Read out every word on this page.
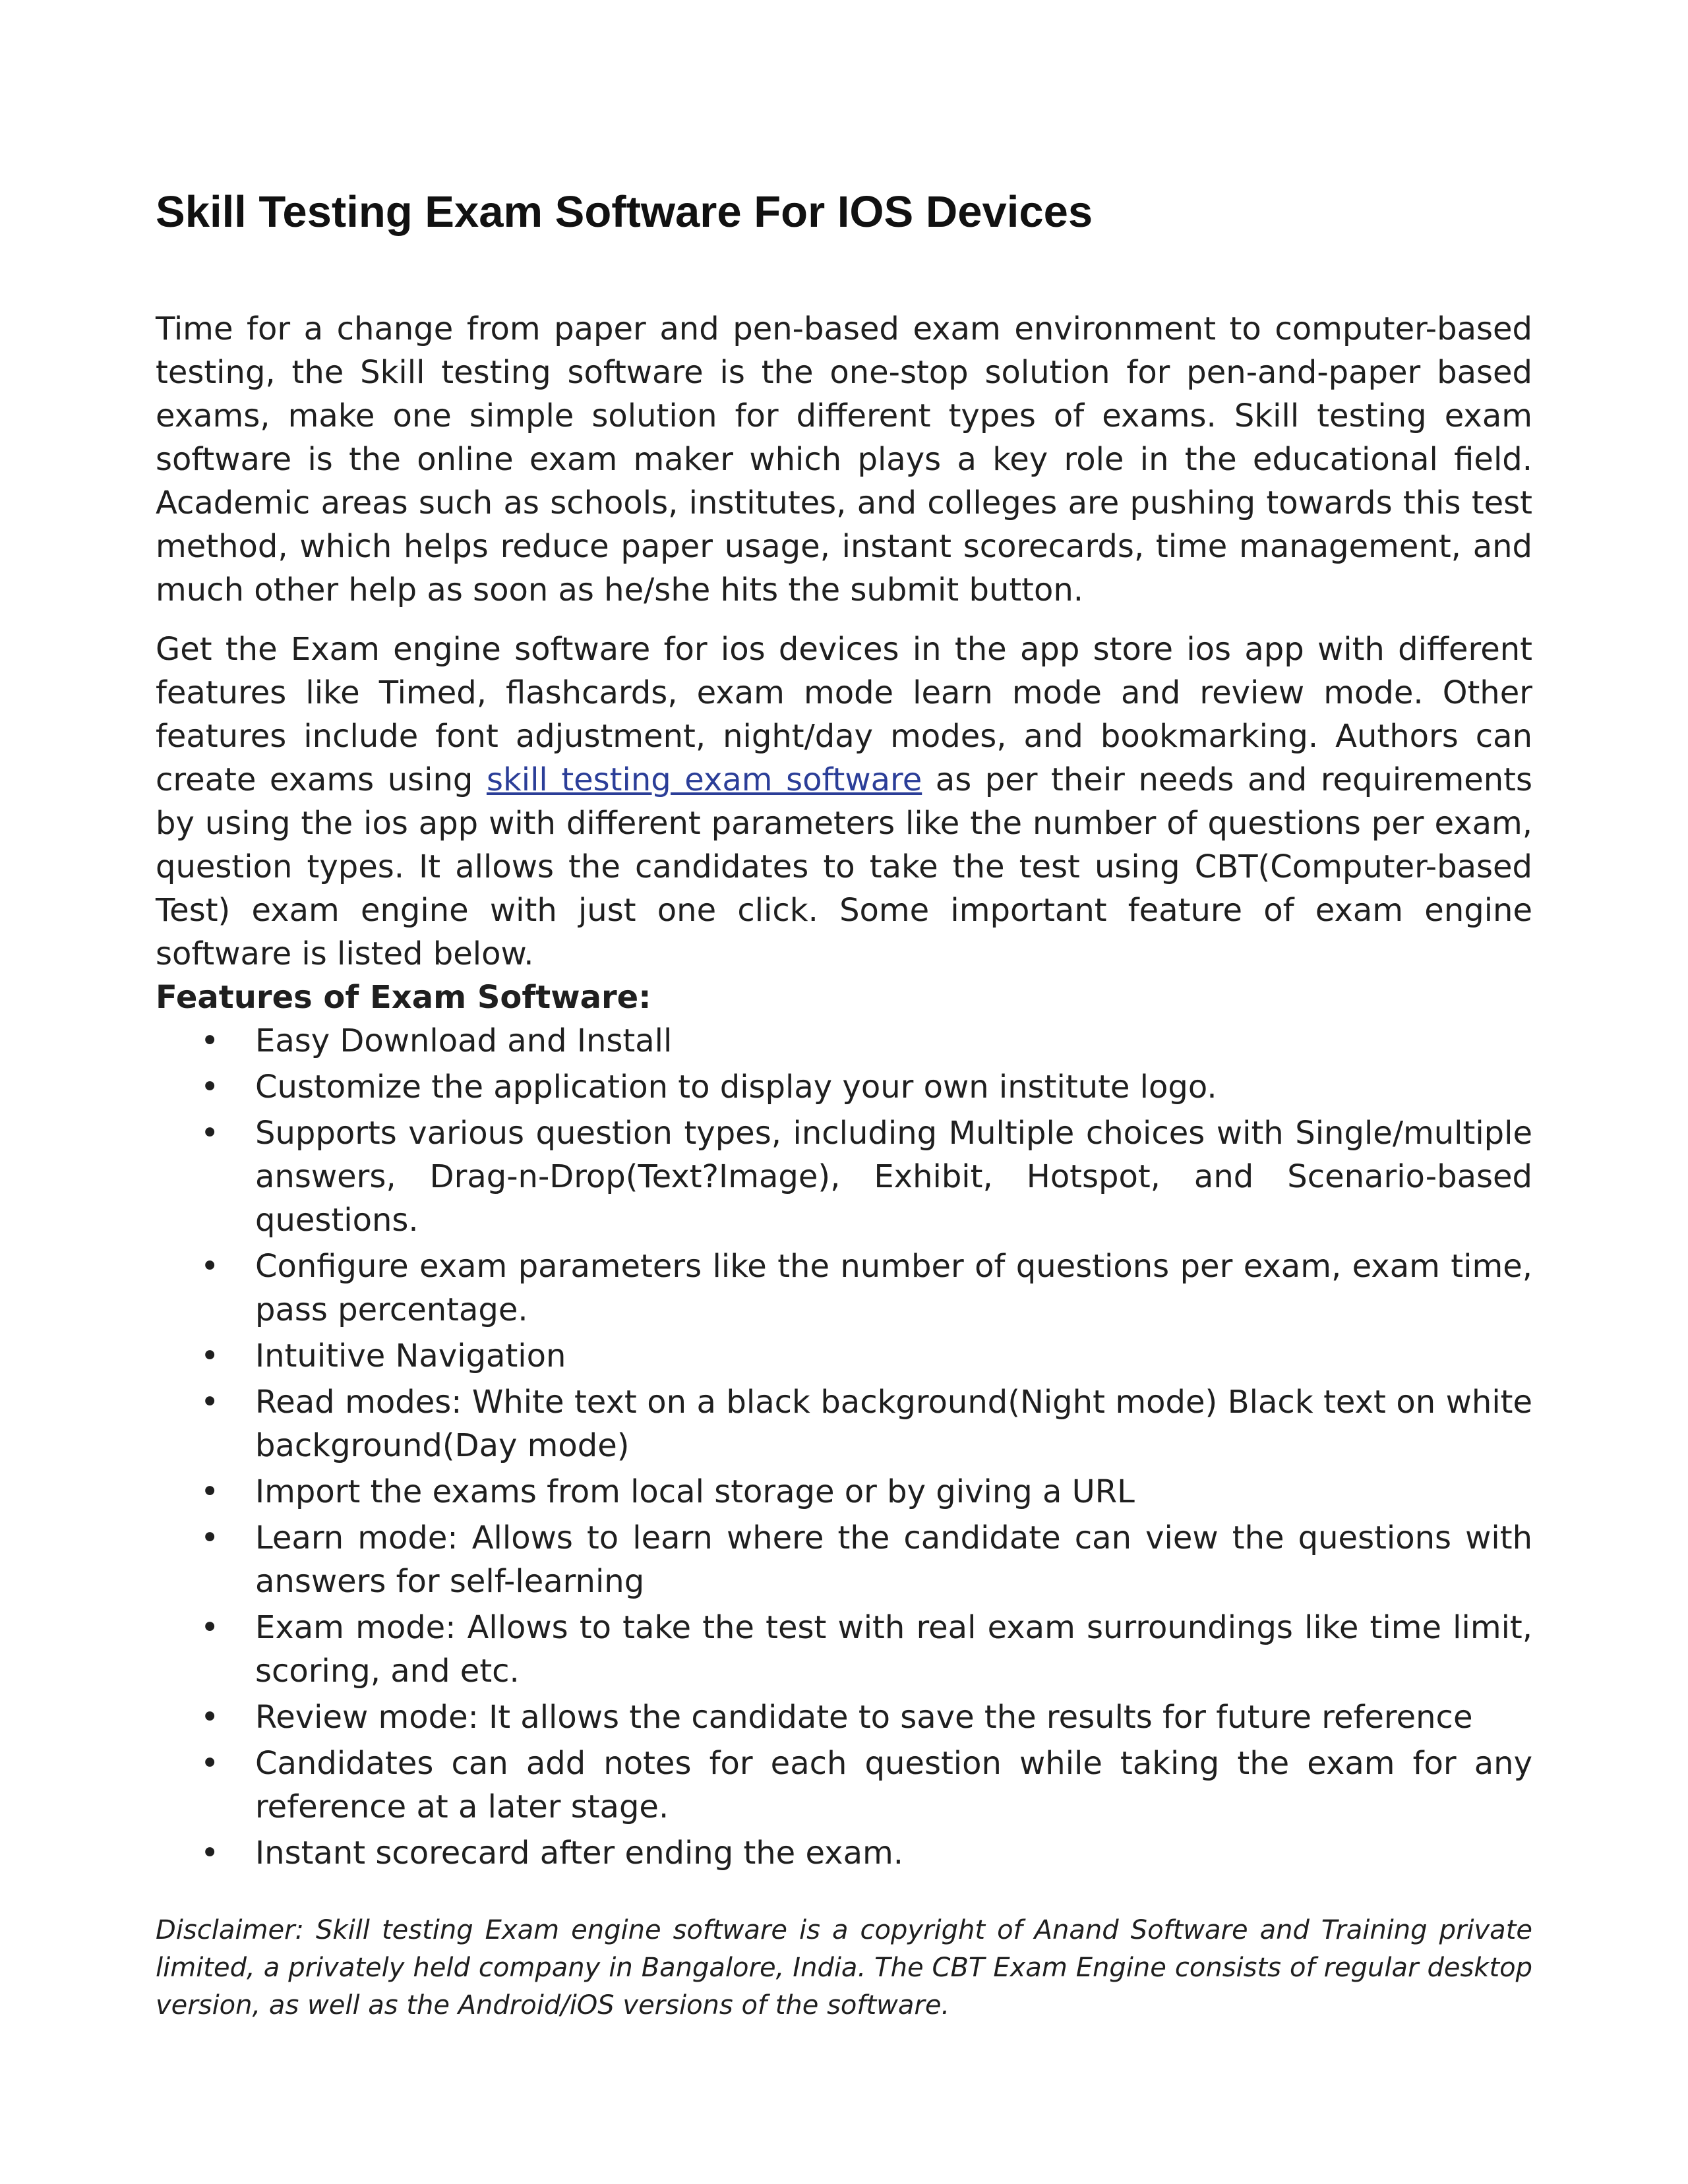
Skill Testing Exam Software For IOS Devices

Time for a change from paper and pen-based exam environment to computer-based testing, the Skill testing software is the one-stop solution for pen-and-paper based exams, make one simple solution for different types of exams. Skill testing exam software is the online exam maker which plays a key role in the educational field. Academic areas such as schools, institutes, and colleges are pushing towards this test method, which helps reduce paper usage, instant scorecards, time management, and much other help as soon as he/she hits the submit button.

Get the Exam engine software for ios devices in the app store ios app with different features like Timed, flashcards, exam mode learn mode and review mode. Other features include font adjustment, night/day modes, and bookmarking. Authors can create exams using skill testing exam software as per their needs and requirements by using the ios app with different parameters like the number of questions per exam, question types. It allows the candidates to take the test using CBT(Computer-based Test) exam engine with just one click. Some important feature of exam engine software is listed below.

Features of Exam Software:

• Easy Download and Install
• Customize the application to display your own institute logo.
• Supports various question types, including Multiple choices with Single/multiple answers, Drag-n-Drop(Text?Image), Exhibit, Hotspot, and Scenario-based questions.
• Configure exam parameters like the number of questions per exam, exam time, pass percentage.
• Intuitive Navigation
• Read modes: White text on a black background(Night mode) Black text on white background(Day mode)
• Import the exams from local storage or by giving a URL
• Learn mode: Allows to learn where the candidate can view the questions with answers for self-learning
• Exam mode: Allows to take the test with real exam surroundings like time limit, scoring, and etc.
• Review mode: It allows the candidate to save the results for future reference
• Candidates can add notes for each question while taking the exam for any reference at a later stage.
• Instant scorecard after ending the exam.

Disclaimer: Skill testing Exam engine software is a copyright of Anand Software and Training private limited, a privately held company in Bangalore, India. The CBT Exam Engine consists of regular desktop version, as well as the Android/iOS versions of the software.
